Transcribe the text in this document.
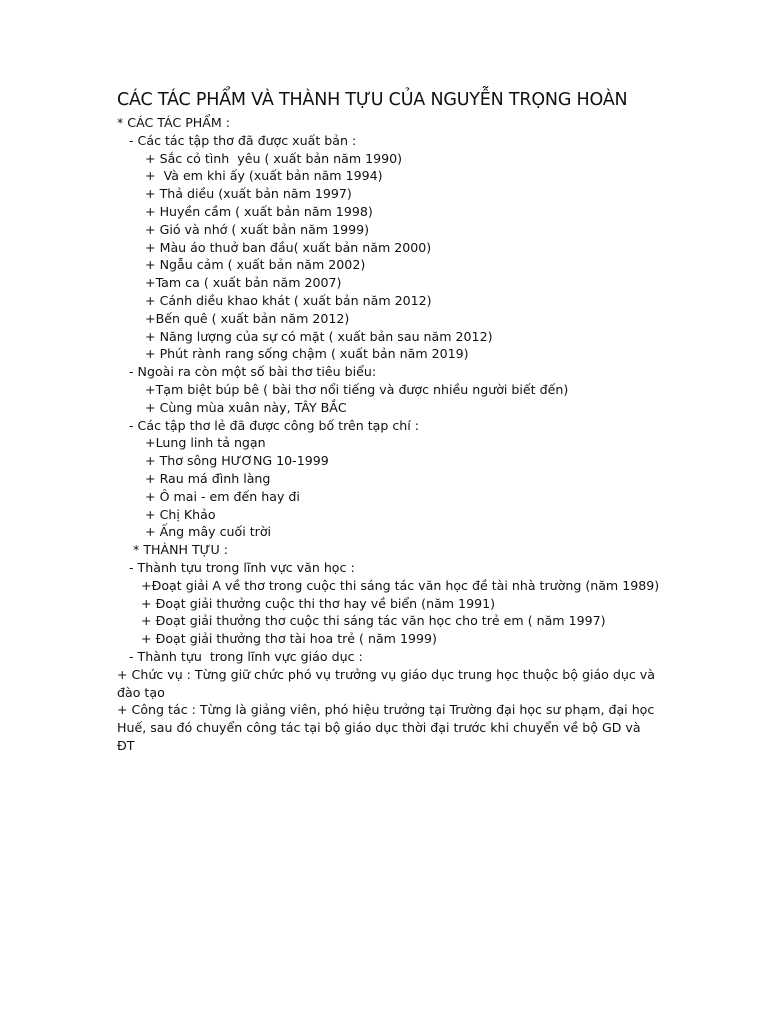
CÁC TÁC PHẨM VÀ THÀNH TỰU CỦA NGUYỄN TRỌNG HOÀN
* CÁC TÁC PHẨM :
- Các tác tập thơ đã được xuất bản :
+ Sắc cỏ tình  yêu ( xuất bản năm 1990)
+  Và em khi ấy (xuất bản năm 1994)
+ Thả diều (xuất bản năm 1997)
+ Huyền cầm ( xuất bản năm 1998)
+ Gió và nhớ ( xuất bản năm 1999)
+ Màu áo thuở ban đầu( xuất bản năm 2000)
+ Ngẫu cảm ( xuất bản năm 2002)
+Tam ca ( xuất bản năm 2007)
+ Cánh diều khao khát ( xuất bản năm 2012)
+Bến quê ( xuất bản năm 2012)
+ Năng lượng của sự có mặt ( xuất bản sau năm 2012)
+ Phút rành rang sống chậm ( xuất bản năm 2019)
- Ngoài ra còn một số bài thơ tiêu biểu:
+Tạm biệt búp bê ( bài thơ nổi tiếng và được nhiều người biết đến)
+ Cùng mùa xuân này, TÂY BẮC
- Các tập thơ lẻ đã được công bố trên tạp chí :
+Lung linh tả ngạn
+ Thơ sông HƯƠNG 10-1999
+ Rau má đình làng
+ Ô mai - em đến hay đi
+ Chị Khảo
+ Ấng mây cuối trời
* THÀNH TỰU :
- Thành tựu trong lĩnh vực văn học :
+Đoạt giải A về thơ trong cuộc thi sáng tác văn học đề tài nhà trường (năm 1989)
+ Đoạt giải thưởng cuộc thi thơ hay về biển (năm 1991)
+ Đoạt giải thưởng thơ cuộc thi sáng tác văn học cho trẻ em ( năm 1997)
+ Đoạt giải thưởng thơ tài hoa trẻ ( năm 1999)
- Thành tựu  trong lĩnh vực giáo dục :
+ Chức vụ : Từng giữ chức phó vụ trưởng vụ giáo dục trung học thuộc bộ giáo dục và đào tạo
+ Công tác : Từng là giảng viên, phó hiệu trưởng tại Trường đại học sư phạm, đại học Huế, sau đó chuyển công tác tại bộ giáo dục thời đại trước khi chuyển về bộ GD và ĐT
